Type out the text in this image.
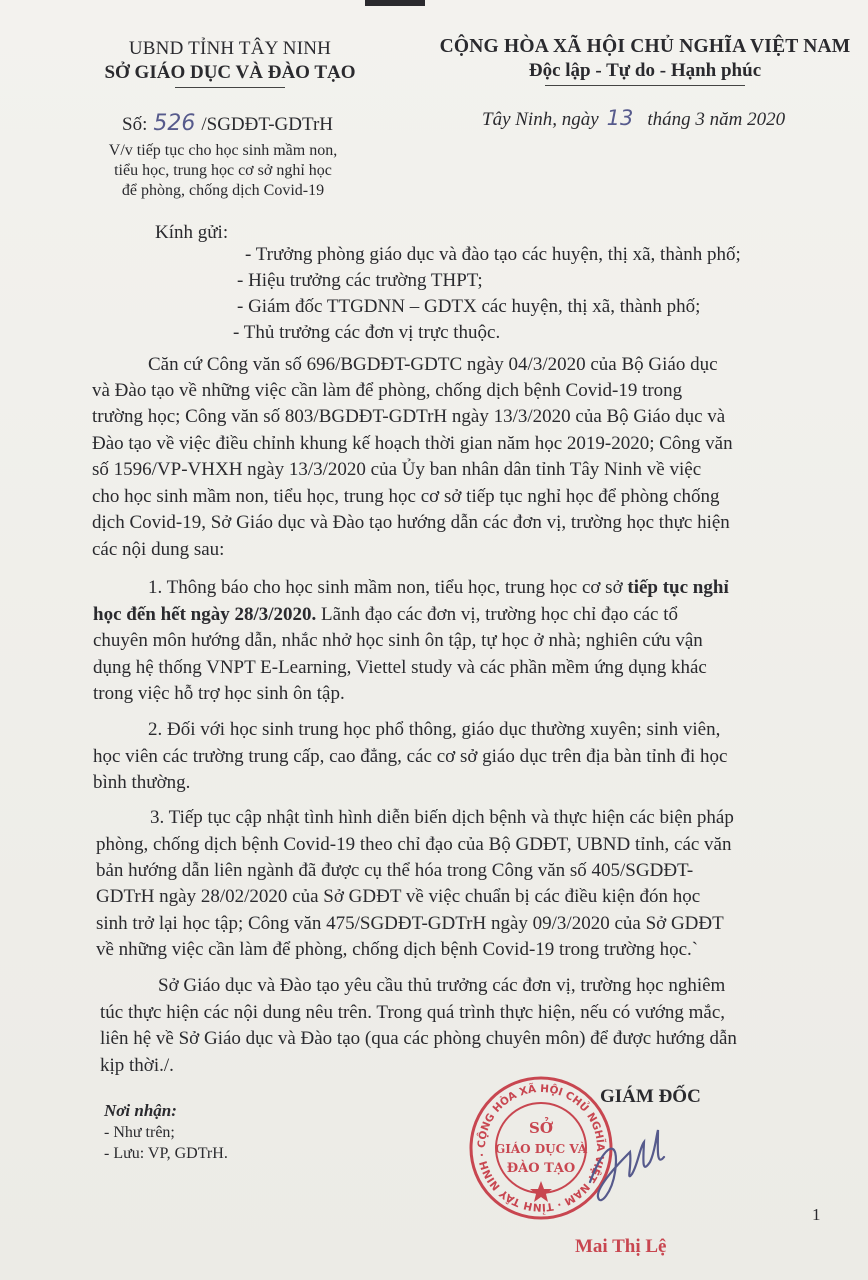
UBND TỈNH TÂY NINH
SỞ GIÁO DỤC VÀ ĐÀO TẠO
CỘNG HÒA XÃ HỘI CHỦ NGHĨA VIỆT NAM
Độc lập - Tự do - Hạnh phúc
Số: 526 /SGDĐT-GDTrH
V/v tiếp tục cho học sinh mầm non,
tiểu học, trung học cơ sở nghỉ học
để phòng, chống dịch Covid-19
Tây Ninh, ngày 13 tháng 3 năm 2020
Kính gửi:
- Trưởng phòng giáo dục và đào tạo các huyện, thị xã, thành phố;
- Hiệu trưởng các trường THPT;
- Giám đốc TTGDNN – GDTX các huyện, thị xã, thành phố;
- Thủ trưởng các đơn vị trực thuộc.
Căn cứ Công văn số 696/BGDĐT-GDTC ngày 04/3/2020 của Bộ Giáo dục
và Đào tạo về những việc cần làm để phòng, chống dịch bệnh Covid-19 trong
trường học; Công văn số 803/BGDĐT-GDTrH ngày 13/3/2020 của Bộ Giáo dục và
Đào tạo về việc điều chỉnh khung kế hoạch thời gian năm học 2019-2020; Công văn
số 1596/VP-VHXH ngày 13/3/2020 của Ủy ban nhân dân tỉnh Tây Ninh về việc
cho học sinh mầm non, tiểu học, trung học cơ sở tiếp tục nghỉ học để phòng chống
dịch Covid-19, Sở Giáo dục và Đào tạo hướng dẫn các đơn vị, trường học thực hiện
các nội dung sau:
1. Thông báo cho học sinh mầm non, tiểu học, trung học cơ sở tiếp tục nghỉ
học đến hết ngày 28/3/2020. Lãnh đạo các đơn vị, trường học chỉ đạo các tổ
chuyên môn hướng dẫn, nhắc nhở học sinh ôn tập, tự học ở nhà; nghiên cứu vận
dụng hệ thống VNPT E-Learning, Viettel study và các phần mềm ứng dụng khác
trong việc hỗ trợ học sinh ôn tập.
2. Đối với học sinh trung học phổ thông, giáo dục thường xuyên; sinh viên,
học viên các trường trung cấp, cao đẳng, các cơ sở giáo dục trên địa bàn tỉnh đi học
bình thường.
3. Tiếp tục cập nhật tình hình diễn biến dịch bệnh và thực hiện các biện pháp
phòng, chống dịch bệnh Covid-19 theo chỉ đạo của Bộ GDĐT, UBND tỉnh, các văn
bản hướng dẫn liên ngành đã được cụ thể hóa trong Công văn số 405/SGDĐT-
GDTrH ngày 28/02/2020 của Sở GDĐT về việc chuẩn bị các điều kiện đón học
sinh trở lại học tập; Công văn 475/SGDĐT-GDTrH ngày 09/3/2020 của Sở GDĐT
về những việc cần làm để phòng, chống dịch bệnh Covid-19 trong trường học.`
Sở Giáo dục và Đào tạo yêu cầu thủ trưởng các đơn vị, trường học nghiêm
túc thực hiện các nội dung nêu trên. Trong quá trình thực hiện, nếu có vướng mắc,
liên hệ về Sở Giáo dục và Đào tạo (qua các phòng chuyên môn) để được hướng dẫn
kịp thời./.
Nơi nhận:
- Như trên;
- Lưu: VP, GDTrH.
GIÁM ĐỐC
CỘNG HÒA XÃ HỘI CHỦ NGHĨA VIỆT NAM · TỈNH TÂY NINH ·
SỞ
GIÁO DỤC VÀ
ĐÀO TẠO
Mai Thị Lệ
1
